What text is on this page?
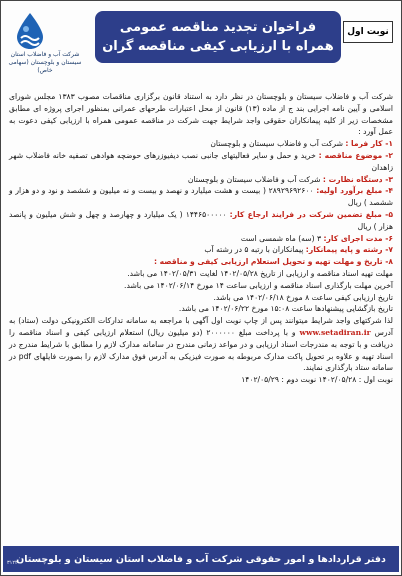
شرکت آب و فاضلاب استان سیستان و بلوچستان (سهامی خاص)
فراخوان تجدید مناقصه عمومی
همراه با ارزیابی کیفی مناقصه گران
نوبت اول

شرکت آب و فاضلاب سیستان و بلوچستان در نظر دارد به استناد قانون برگزاری مناقصات مصوب ۱۳۸۳ مجلس شورای اسلامی و آیین نامه اجرایی بند ج از ماده (۱۳) قانون از محل اعتبارات طرحهای عمرانی بمنظور اجرای پروژه ای مطابق مشخصات زیر از کلیه پیمانکاران حقوقی واجد شرایط جهت شرکت در مناقصه عمومی همراه با ارزیابی کیفی دعوت به عمل آورد :

۱- کار فرما : شرکت آب و فاضلاب سیستان و بلوچستان

۲- موضوع مناقصه : خرید و حمل و سایر فعالیتهای جانبی نصب دیفیوزرهای حوضچه هوادهی تصفیه خانه فاضلاب شهر زاهدان

۳- دستگاه نظارت : شرکت آب و فاضلاب سیستان و بلوچستان

۴- مبلغ برآورد اولیه: ۲۸۹۲۹۶۹۲۶۰۰ ( بیست و هشت میلیارد و نهصد و بیست و نه میلیون و ششصد و نود و دو هزار و ششصد ) ریال

۵- مبلغ تضمین شرکت در فرایند ارجاع کار: ۱۴۴۶۵۰۰۰۰۰ ( یک میلیارد و چهارصد و چهل و شش میلیون و پانصد هزار ) ریال

۶- مدت اجرای کار: ۳ (سه) ماه شمسی است

۷- رشته و پایه پیمانکار: پیمانکاران با رتبه ۵ در رشته آب

۸- تاریخ و مهلت تهیه و تحویل استعلام ارزیابی کیفی و مناقصه :

مهلت تهیه اسناد مناقصه و ارزیابی از تاریخ ۱۴۰۲/۰۵/۲۸ لغایت ۱۴۰۲/۰۵/۳۱ می باشد.

آخرین مهلت بارگذاری اسناد مناقصه و ارزیابی ساعت ۱۴ مورخ ۱۴۰۲/۰۶/۱۴ می باشد.

تاریخ ارزیابی کیفی ساعت ۸ مورخ ۱۴۰۲/۰۶/۱۸ می باشد.

تاریخ بازگشایی پیشنهادها ساعت ۱۵:۰۸ مورخ ۱۴۰۲/۰۶/۲۲ می باشد.

لذا شرکتهای واجد شرایط میتوانند پس از چاپ نوبت اول آگهی با مراجعه به سامانه تدارکات الکترونیکی دولت (ستاد) به آدرس www.setadiran.ir و با پرداخت مبلغ ۲۰۰۰۰۰۰ (دو میلیون ریال) استعلام ارزیابی کیفی و اسناد مناقصه را دریافت و با توجه به مندرجات اسناد ارزیابی و در مواعد زمانی مندرج در سامانه مدارک لازم را مطابق با شرایط مندرج در اسناد تهیه و علاوه بر تحویل پاکت مدارک مربوطه به صورت فیزیکی به آدرس فوق مدارک لازم را بصورت فایلهای pdf در سامانه ستاد بارگذاری نمایند.

نوبت اول : ۱۴۰۲/۰۵/۲۸ نوبت دوم : ۱۴۰۲/۰۵/۲۹

دفتر قراردادها و امور حقوقی شرکت آب و فاضلاب استان سیستان و بلوچستان
۳۱۲۲
